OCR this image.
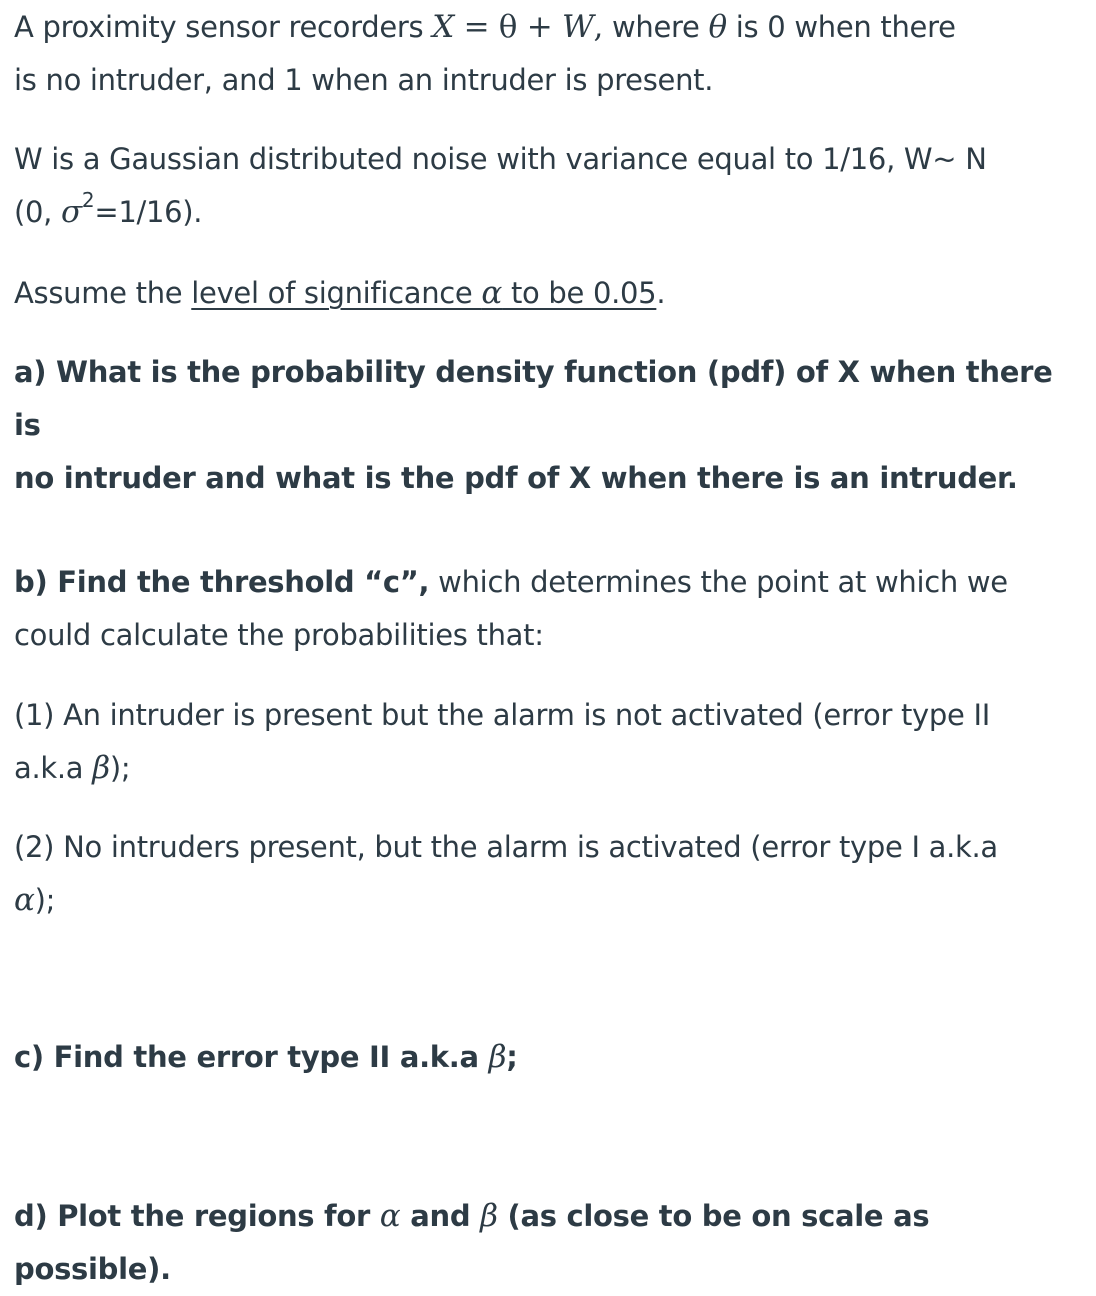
A proximity sensor recorders X = θ + W, where θ is 0 when there
is no intruder, and 1 when an intruder is present.
W is a Gaussian distributed noise with variance equal to 1/16, W~ N
(0, $\sigma^2=1/16$).
Assume the level of significance α to be 0.05.
a) What is the probability density function (pdf) of X when there is
no intruder and what is the pdf of X when there is an intruder.
b) Find the threshold “c”, which determines the point at which we
could calculate the probabilities that:
(1) An intruder is present but the alarm is not activated (error type II
a.k.a β);
(2) No intruders present, but the alarm is activated (error type I a.k.a
α);
c) Find the error type II a.k.a β;
d) Plot the regions for α and β (as close to be on scale as possible).
